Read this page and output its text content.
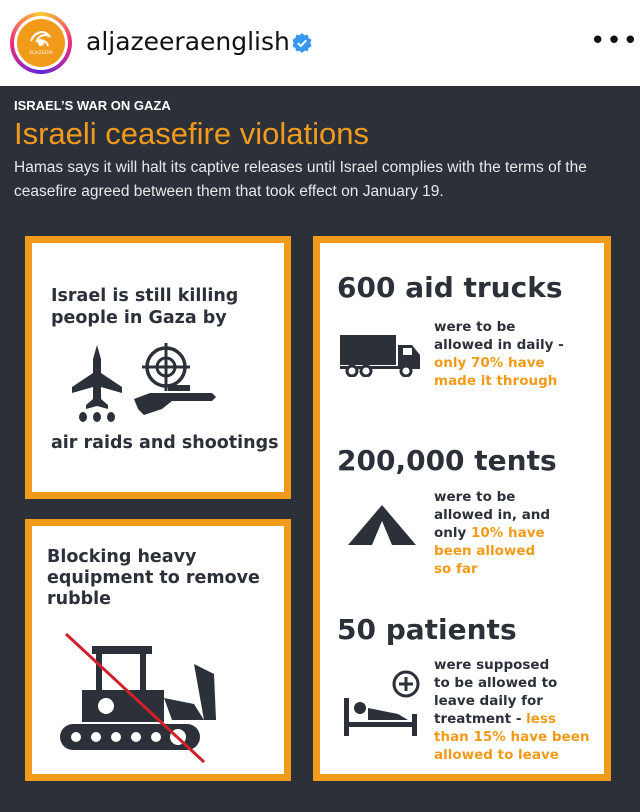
ALJAZEERA	aljazeeraenglish	•••
ISRAEL’S WAR ON GAZA
Israeli ceasefire violations
Hamas says it will halt its captive releases until Israel complies with the terms of the ceasefire agreed between them that took effect on January 19.
Israel is still killing
people in Gaza by
air raids and shootings
Blocking heavy
equipment to remove
rubble
600 aid trucks
were to be
allowed in daily -
only 70% have
made it through
200,000 tents
were to be
allowed in, and
only 10% have
been allowed
so far
50 patients
were supposed
to be allowed to
leave daily for
treatment - less
than 15% have been
allowed to leave
